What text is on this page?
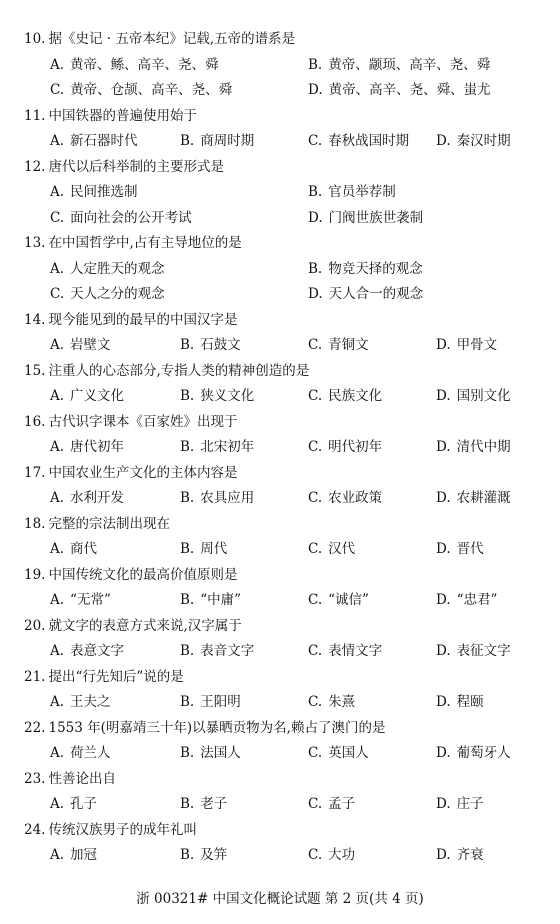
10. 据《史记 · 五帝本纪》记载,五帝的谱系是
A. 黄帝、鲧、高辛、尧、舜	B. 黄帝、颛顼、高辛、尧、舜
C. 黄帝、仓颉、高辛、尧、舜	D. 黄帝、高辛、尧、舜、蚩尤
11. 中国铁器的普遍使用始于
A. 新石器时代	B. 商周时期	C. 春秋战国时期 D. 秦汉时期
12. 唐代以后科举制的主要形式是
A. 民间推选制	B. 官员举荐制
C. 面向社会的公开考试	D. 门阀世族世袭制
13. 在中国哲学中,占有主导地位的是
A. 人定胜天的观念	B. 物竞天择的观念
C. 天人之分的观念	D. 天人合一的观念
14. 现今能见到的最早的中国汉字是
A. 岩壁文	B. 石鼓文	C. 青铜文	D. 甲骨文
15. 注重人的心态部分,专指人类的精神创造的是
A. 广义文化	B. 狭义文化	C. 民族文化	D. 国别文化
16. 古代识字课本《百家姓》出现于
A. 唐代初年	B. 北宋初年	C. 明代初年	D. 清代中期
17. 中国农业生产文化的主体内容是
A. 水利开发	B. 农具应用	C. 农业政策	D. 农耕灌溉
18. 完整的宗法制出现在
A. 商代	B. 周代	C. 汉代	D. 晋代
19. 中国传统文化的最高价值原则是
A. “无常”	B. “中庸”	C. “诚信”	D. “忠君”
20. 就文字的表意方式来说,汉字属于
A. 表意文字	B. 表音文字	C. 表情文字	D. 表征文字
21. 提出“行先知后”说的是
A. 王夫之	B. 王阳明	C. 朱熹	D. 程颐
22. 1553 年(明嘉靖三十年)以暴晒贡物为名,赖占了澳门的是
A. 荷兰人	B. 法国人	C. 英国人	D. 葡萄牙人
23. 性善论出自
A. 孔子	B. 老子	C. 孟子	D. 庄子
24. 传统汉族男子的成年礼叫
A. 加冠	B. 及笄	C. 大功	D. 齐衰
浙 00321# 中国文化概论试题 第 2 页(共 4 页)
